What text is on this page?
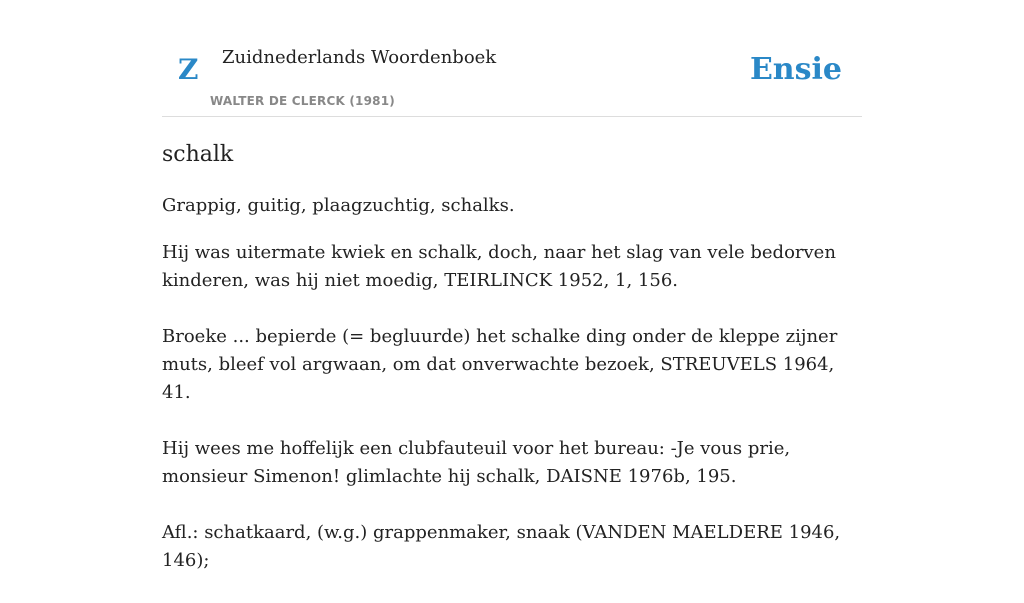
Z Zuidnederlands Woordenboek
WALTER DE CLERCK (1981)
Ensie
schalk

Grappig, guitig, plaagzuchtig, schalks.

Hij was uitermate kwiek en schalk, doch, naar het slag van vele bedorven kinderen, was hij niet moedig, TEIRLINCK 1952, 1, 156.

Broeke ... bepierde (= begluurde) het schalke ding onder de kleppe zijner muts, bleef vol argwaan, om dat onverwachte bezoek, STREUVELS 1964, 41.

Hij wees me hoffelijk een clubfauteuil voor het bureau: -Je vous prie, monsieur Simenon! glimlachte hij schalk, DAISNE 1976b, 195.

Afl.: schatkaard, (w.g.) grappenmaker, snaak (VANDEN MAELDERE 1946, 146);
